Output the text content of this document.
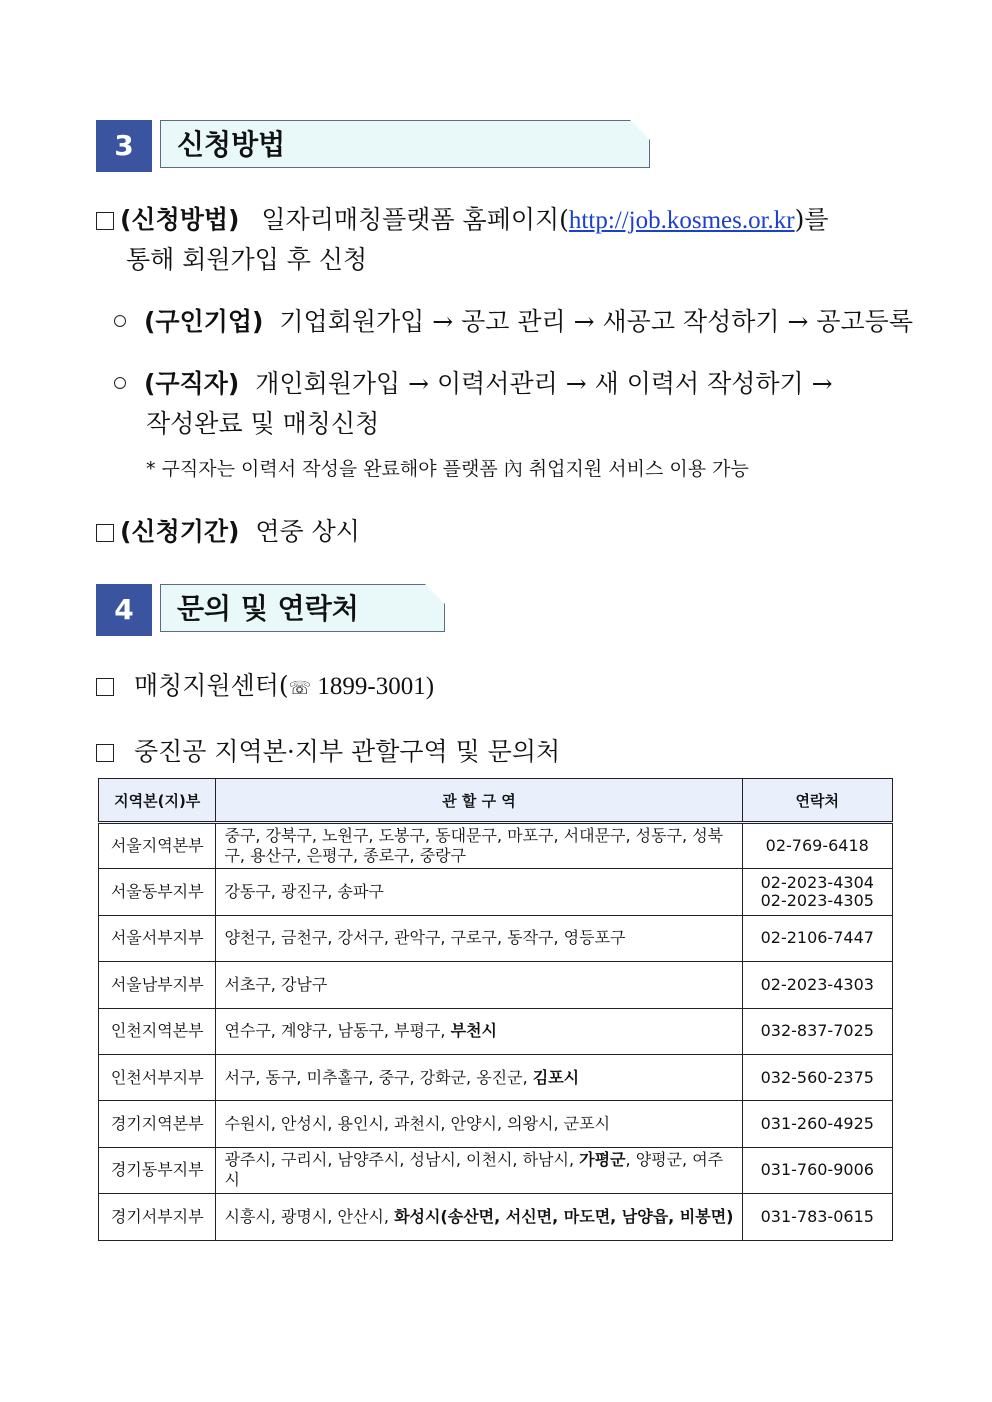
3	신청방법
(신청방법) 일자리매칭플랫폼 홈페이지(http://job.kosmes.or.kr)를
통해 회원가입 후 신청
(구인기업) 기업회원가입 → 공고 관리 → 새공고 작성하기 → 공고등록
(구직자) 개인회원가입 → 이력서관리 → 새 이력서 작성하기 →
작성완료 및 매칭신청
* 구직자는 이력서 작성을 완료해야 플랫폼 內 취업지원 서비스 이용 가능
(신청기간) 연중 상시
4	문의 및 연락처
매칭지원센터(☏ 1899-3001)
중진공 지역본·지부 관할구역 및 문의처
지역본(지)부	관 할 구 역	연락처
서울지역본부	중구, 강북구, 노원구, 도봉구, 동대문구, 마포구, 서대문구, 성동구, 성북구, 용산구, 은평구, 종로구, 중랑구	02-769-6418
서울동부지부	강동구, 광진구, 송파구	02-2023-4304
02-2023-4305

서울서부지부	양천구, 금천구, 강서구, 관악구, 구로구, 동작구, 영등포구	02-2106-7447
서울남부지부	서초구, 강남구	02-2023-4303
인천지역본부	연수구, 계양구, 남동구, 부평구, 부천시	032-837-7025
인천서부지부	서구, 동구, 미추홀구, 중구, 강화군, 옹진군, 김포시	032-560-2375
경기지역본부	수원시, 안성시, 용인시, 과천시, 안양시, 의왕시, 군포시	031-260-4925
경기동부지부	광주시, 구리시, 남양주시, 성남시, 이천시, 하남시, 가평군, 양평군, 여주시	031-760-9006
경기서부지부	시흥시, 광명시, 안산시, 화성시(송산면, 서신면, 마도면, 남양읍, 비봉면)	031-783-0615
